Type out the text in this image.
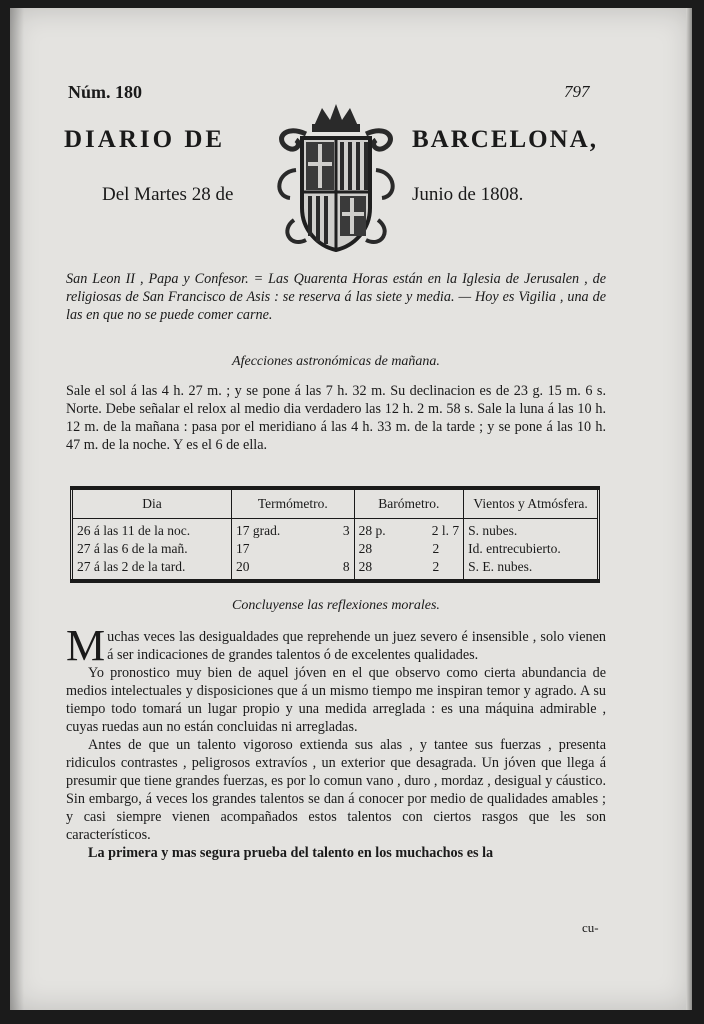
Núm. 180	797
DIARIO DE	BARCELONA,
Del Martes 28 de	Junio de 1808.
San Leon II , Papa y Confesor. = Las Quarenta Horas están en la Iglesia de Jerusalen , de religiosas de San Francisco de Asis : se reserva á las siete y media. — Hoy es Vigilia , una de las en que no se puede comer carne.
Afecciones astronómicas de mañana.
Sale el sol á las 4 h. 27 m. ; y se pone á las 7 h. 32 m. Su declinacion es de 23 g. 15 m. 6 s. Norte. Debe señalar el relox al medio dia verdadero las 12 h. 2 m. 58 s. Sale la luna á las 10 h. 12 m. de la mañana : pasa por el meridiano á las 4 h. 33 m. de la tarde ; y se pone á las 10 h. 47 m. de la noche. Y es el 6 de ella.
Dia	Termómetro.		Barómetro.		Vientos y Atmósfera.
26 á las 11 de la noc.	17 grad.	3	28 p.	2 l. 7	S. nubes.
27 á las 6 de la mañ.	17		28	2	Id. entrecubierto.
27 á las 2 de la tard.	20	8	28	2	S. E. nubes.
Concluyense las reflexiones morales.

Muchas veces las desigualdades que reprehende un juez severo é insensible , solo vienen á ser indicaciones de grandes talentos ó de excelentes qualidades.

Yo pronostico muy bien de aquel jóven en el que observo como cierta abundancia de medios intelectuales y disposiciones que á un mismo tiempo me inspiran temor y agrado. A su tiempo todo tomará un lugar propio y una medida arreglada : es una máquina admirable , cuyas ruedas aun no están concluidas ni arregladas.

Antes de que un talento vigoroso extienda sus alas , y tantee sus fuerzas , presenta ridiculos contrastes , peligrosos extravíos , un exterior que desagrada. Un jóven que llega á presumir que tiene grandes fuerzas, es por lo comun vano , duro , mordaz , desigual y cáustico. Sin embargo, á veces los grandes talentos se dan á conocer por medio de qualidades amables ; y casi siempre vienen acompañados estos talentos con ciertos rasgos que les son característicos.

La primera y mas segura prueba del talento en los muchachos es la

cu-
